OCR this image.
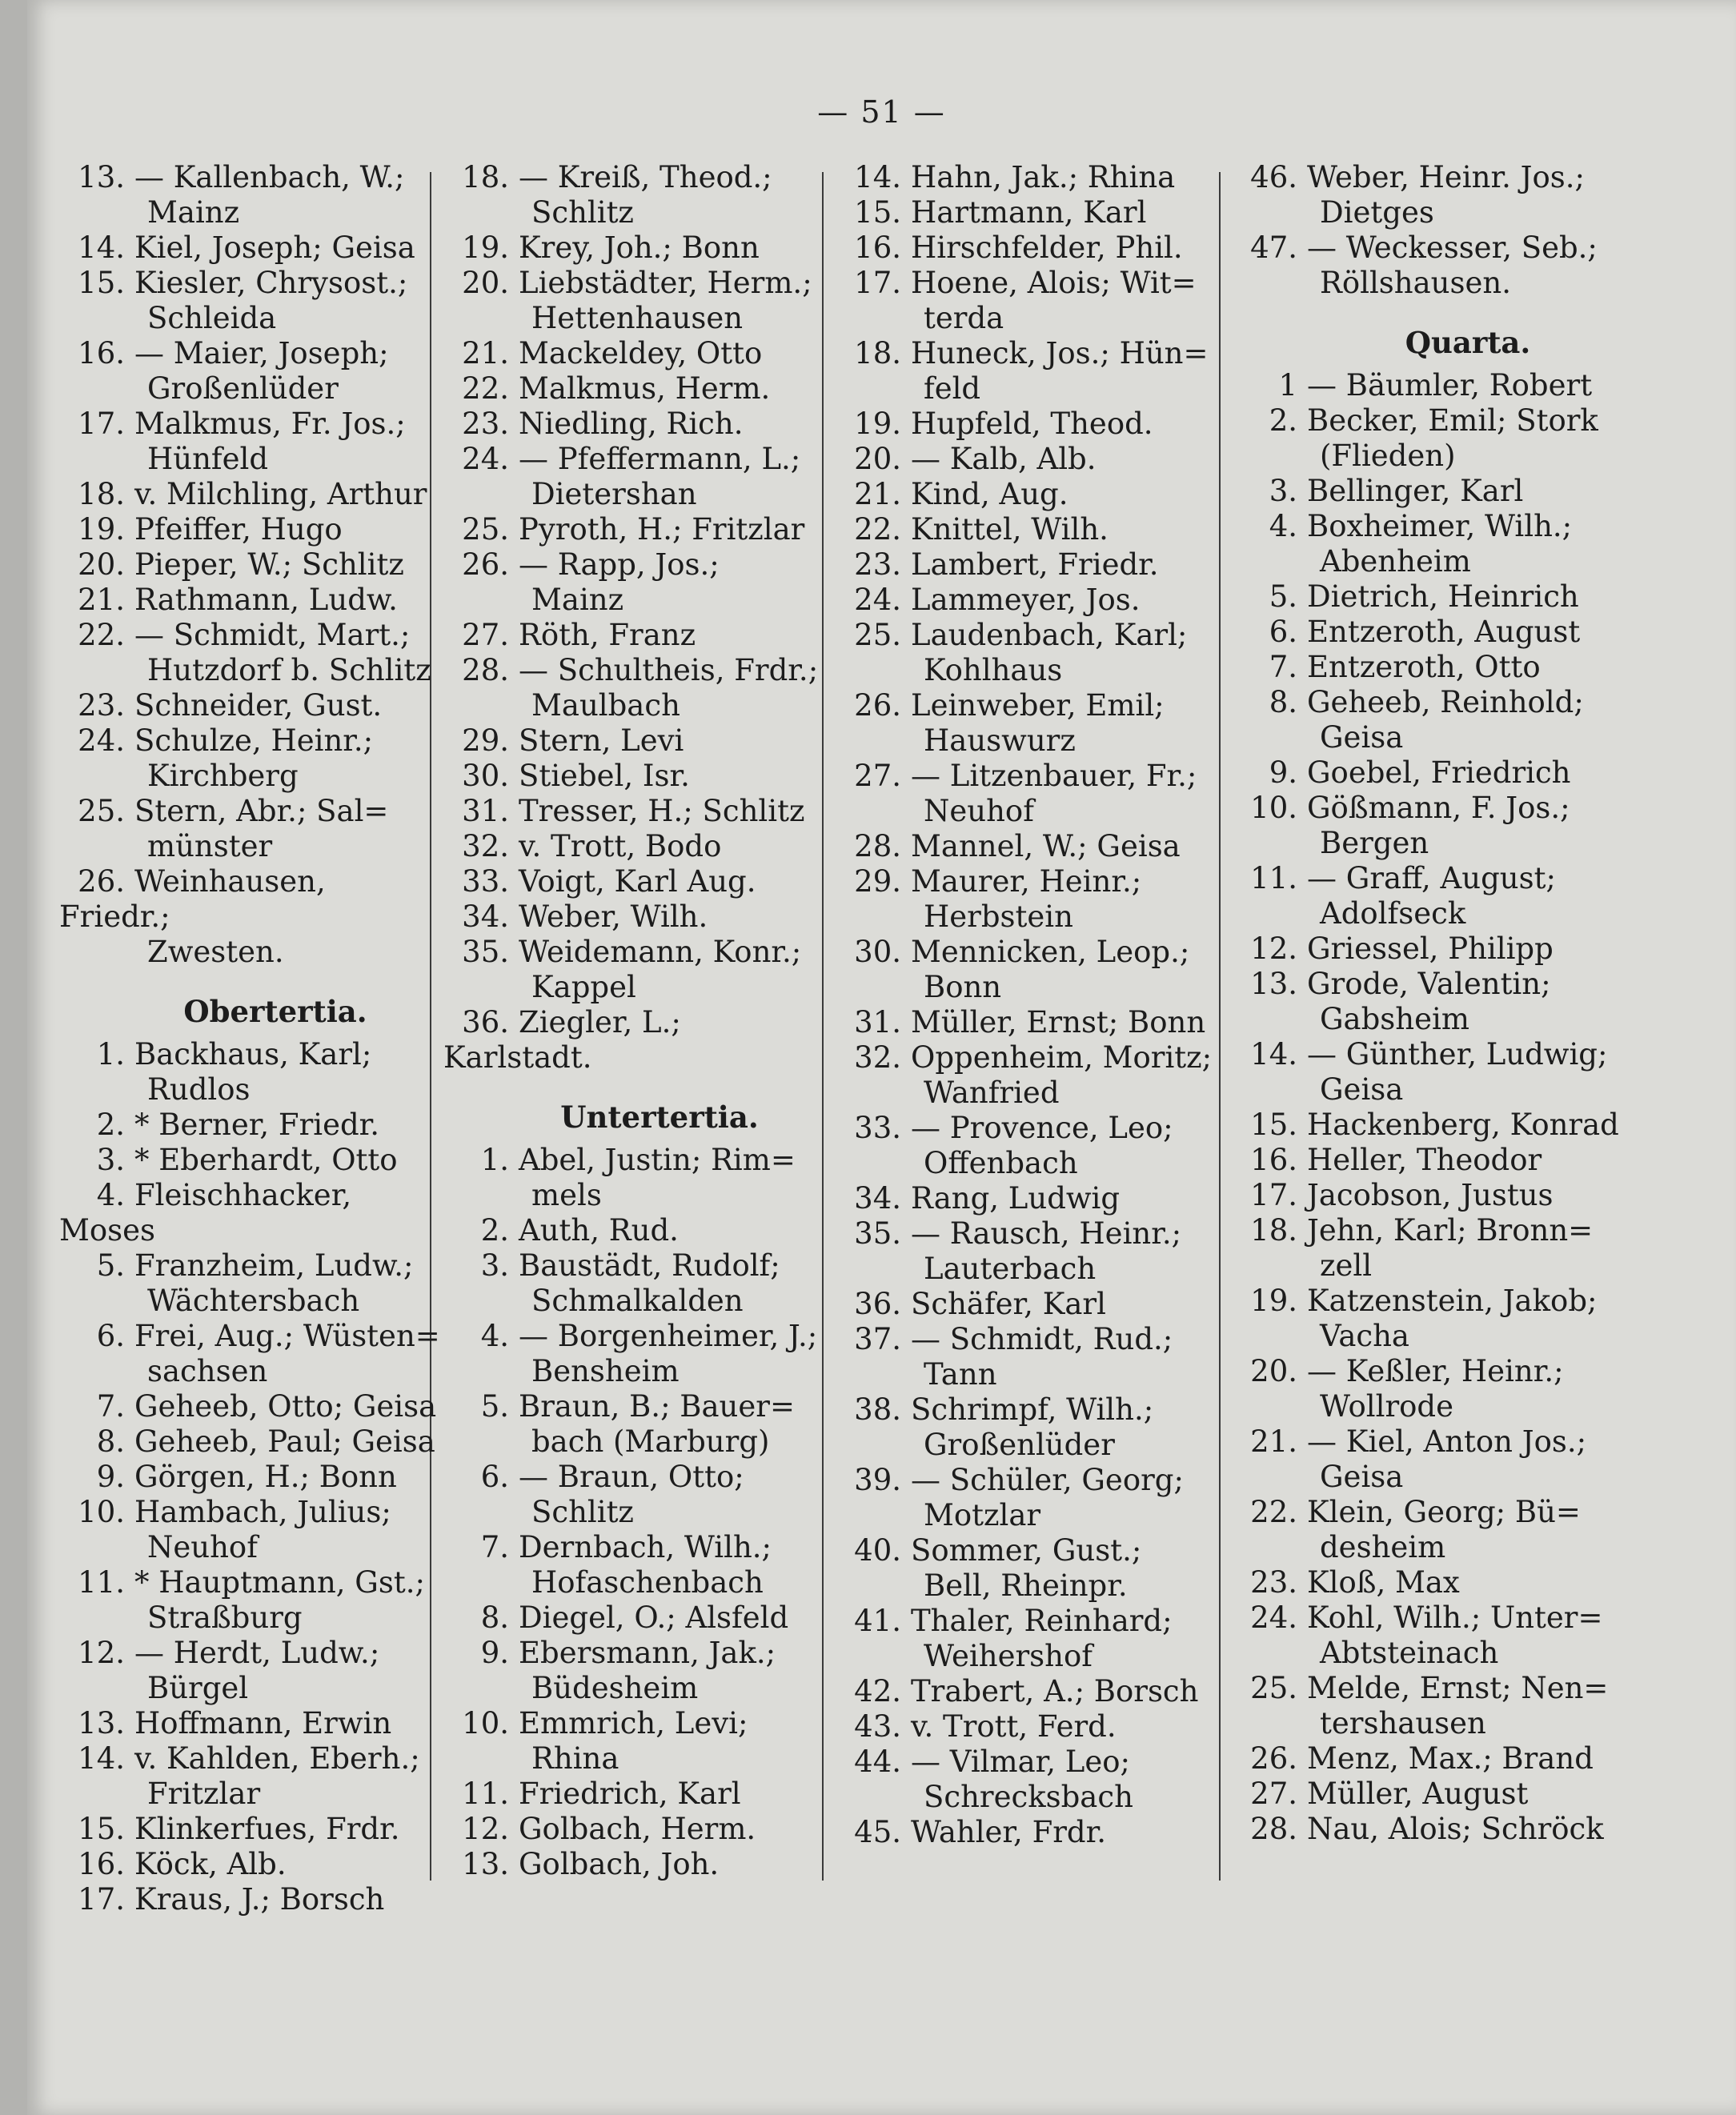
— 51 —
13. — Kallenbach, W.;
Mainz
14. Kiel, Joseph; Geisa
15. Kiesler, Chrysost.;
Schleida
16. — Maier, Joseph;
Großenlüder
17. Malkmus, Fr. Jos.;
Hünfeld
18. v. Milchling, Arthur
19. Pfeiffer, Hugo
20. Pieper, W.; Schlitz
21. Rathmann, Ludw.
22. — Schmidt, Mart.;
Hutzdorf b. Schlitz
23. Schneider, Gust.
24. Schulze, Heinr.;
Kirchberg
25. Stern, Abr.; Sal=
münster
26. Weinhausen, Friedr.;
Zwesten.
Obertertia.
1. Backhaus, Karl;
Rudlos
2. * Berner, Friedr.
3. * Eberhardt, Otto
4. Fleischhacker, Moses
5. Franzheim, Ludw.;
Wächtersbach
6. Frei, Aug.; Wüsten=
sachsen
7. Geheeb, Otto; Geisa
8. Geheeb, Paul; Geisa
9. Görgen, H.; Bonn
10. Hambach, Julius;
Neuhof
11. * Hauptmann, Gst.;
Straßburg
12. — Herdt, Ludw.;
Bürgel
13. Hoffmann, Erwin
14. v. Kahlden, Eberh.;
Fritzlar
15. Klinkerfues, Frdr.
16. Köck, Alb.
17. Kraus, J.; Borsch
18. — Kreiß, Theod.;
Schlitz
19. Krey, Joh.; Bonn
20. Liebstädter, Herm.;
Hettenhausen
21. Mackeldey, Otto
22. Malkmus, Herm.
23. Niedling, Rich.
24. — Pfeffermann, L.;
Dietershan
25. Pyroth, H.; Fritzlar
26. — Rapp, Jos.;
Mainz
27. Röth, Franz
28. — Schultheis, Frdr.;
Maulbach
29. Stern, Levi
30. Stiebel, Isr.
31. Tresser, H.; Schlitz
32. v. Trott, Bodo
33. Voigt, Karl Aug.
34. Weber, Wilh.
35. Weidemann, Konr.;
Kappel
36. Ziegler, L.; Karlstadt.
Untertertia.
1. Abel, Justin; Rim=
mels
2. Auth, Rud.
3. Baustädt, Rudolf;
Schmalkalden
4. — Borgenheimer, J.;
Bensheim
5. Braun, B.; Bauer=
bach (Marburg)
6. — Braun, Otto;
Schlitz
7. Dernbach, Wilh.;
Hofaschenbach
8. Diegel, O.; Alsfeld
9. Ebersmann, Jak.;
Büdesheim
10. Emmrich, Levi;
Rhina
11. Friedrich, Karl
12. Golbach, Herm.
13. Golbach, Joh.
14. Hahn, Jak.; Rhina
15. Hartmann, Karl
16. Hirschfelder, Phil.
17. Hoene, Alois; Wit=
terda
18. Huneck, Jos.; Hün=
feld
19. Hupfeld, Theod.
20. — Kalb, Alb.
21. Kind, Aug.
22. Knittel, Wilh.
23. Lambert, Friedr.
24. Lammeyer, Jos.
25. Laudenbach, Karl;
Kohlhaus
26. Leinweber, Emil;
Hauswurz
27. — Litzenbauer, Fr.;
Neuhof
28. Mannel, W.; Geisa
29. Maurer, Heinr.;
Herbstein
30. Mennicken, Leop.;
Bonn
31. Müller, Ernst; Bonn
32. Oppenheim, Moritz;
Wanfried
33. — Provence, Leo;
Offenbach
34. Rang, Ludwig
35. — Rausch, Heinr.;
Lauterbach
36. Schäfer, Karl
37. — Schmidt, Rud.;
Tann
38. Schrimpf, Wilh.;
Großenlüder
39. — Schüler, Georg;
Motzlar
40. Sommer, Gust.;
Bell, Rheinpr.
41. Thaler, Reinhard;
Weihershof
42. Trabert, A.; Borsch
43. v. Trott, Ferd.
44. — Vilmar, Leo;
Schrecksbach
45. Wahler, Frdr.
46. Weber, Heinr. Jos.;
Dietges
47. — Weckesser, Seb.;
Röllshausen.
Quarta.
1 — Bäumler, Robert
2. Becker, Emil; Stork
(Flieden)
3. Bellinger, Karl
4. Boxheimer, Wilh.;
Abenheim
5. Dietrich, Heinrich
6. Entzeroth, August
7. Entzeroth, Otto
8. Geheeb, Reinhold;
Geisa
9. Goebel, Friedrich
10. Gößmann, F. Jos.;
Bergen
11. — Graff, August;
Adolfseck
12. Griessel, Philipp
13. Grode, Valentin;
Gabsheim
14. — Günther, Ludwig;
Geisa
15. Hackenberg, Konrad
16. Heller, Theodor
17. Jacobson, Justus
18. Jehn, Karl; Bronn=
zell
19. Katzenstein, Jakob;
Vacha
20. — Keßler, Heinr.;
Wollrode
21. — Kiel, Anton Jos.;
Geisa
22. Klein, Georg; Bü=
desheim
23. Kloß, Max
24. Kohl, Wilh.; Unter=
Abtsteinach
25. Melde, Ernst; Nen=
tershausen
26. Menz, Max.; Brand
27. Müller, August
28. Nau, Alois; Schröck
